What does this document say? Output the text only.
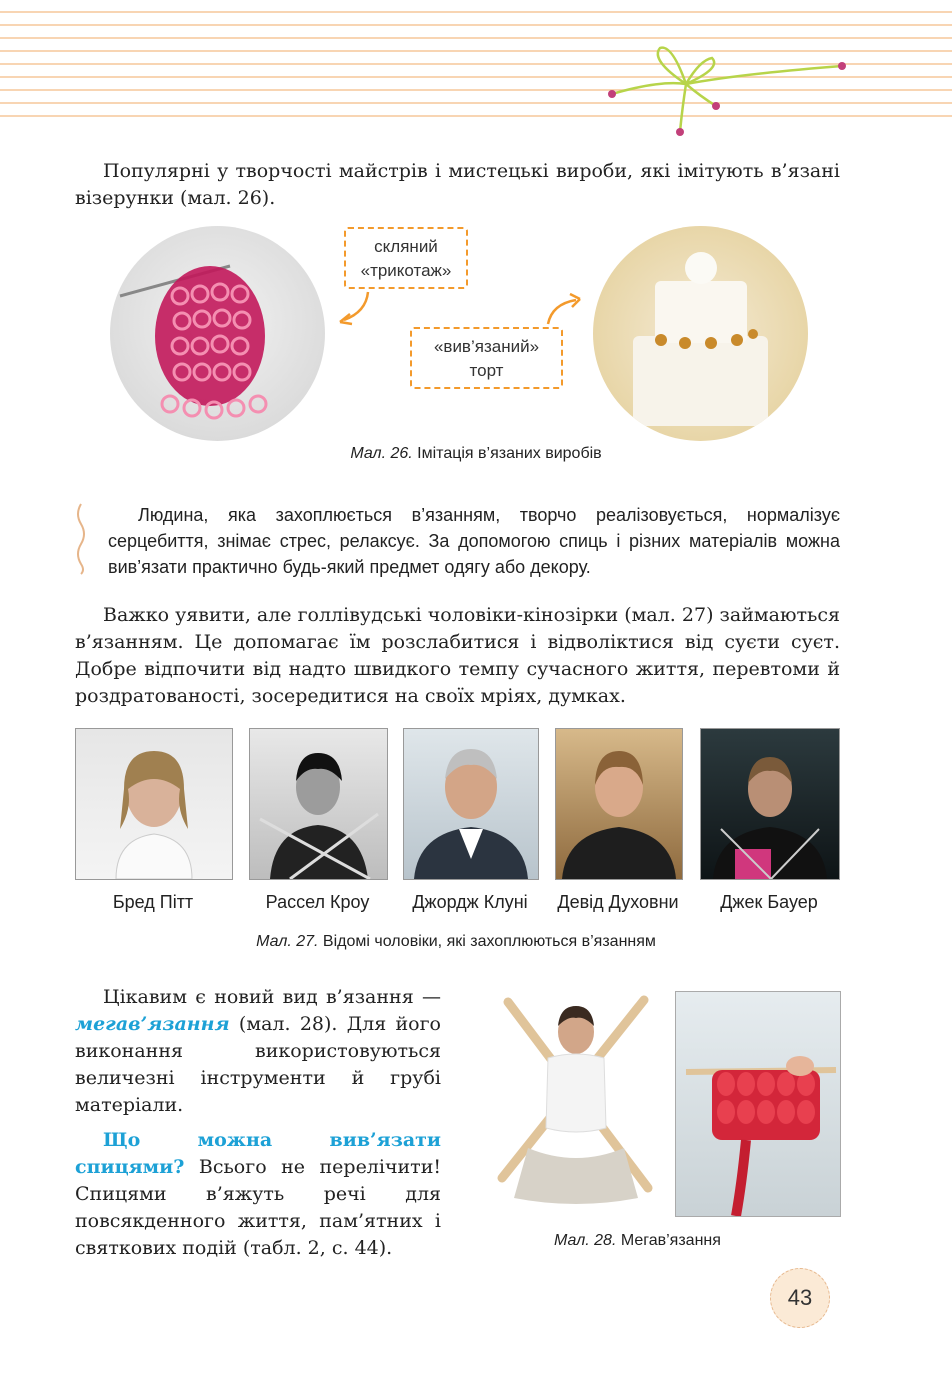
Популярні у творчості майстрів і мистецькі вироби, які імітують в’язані візерунки (мал. 26).

скляний «трикотаж»
«вив’язаний» торт
Мал. 26. Імітація в’язаних виробів

Людина, яка захоплюється в’язанням, творчо реалізовується, нормалізує серцебиття, знімає стрес, релаксує. За допомогою спиць і різних матеріалів можна вив’язати практично будь-який предмет одягу або декору.

Важко уявити, але голлівудські чоловіки-кінозірки (мал. 27) займаються в’язанням. Це допомагає їм розслабитися і відволіктися від суєти суєт. Добре відпочити від надто швидкого темпу сучасного життя, перевтоми й роздратованості, зосередитися на своїх мріях, думках.

Бред Пітт	Рассел Кроу	Джордж Клуні	Девід Духовни	Джек Бауер
Мал. 27. Відомі чоловіки, які захоплюються в’язанням

Цікавим є новий вид в’язання — мегав’язання (мал. 28). Для його виконання використовуються величезні інструменти й грубі матеріали.

Що можна вив’язати спицями? Всього не перелічити! Спицями в’яжуть речі для повсякденного життя, пам’ятних і святкових подій (табл. 2, с. 44).	Мал. 28. Мегав’язання
43
